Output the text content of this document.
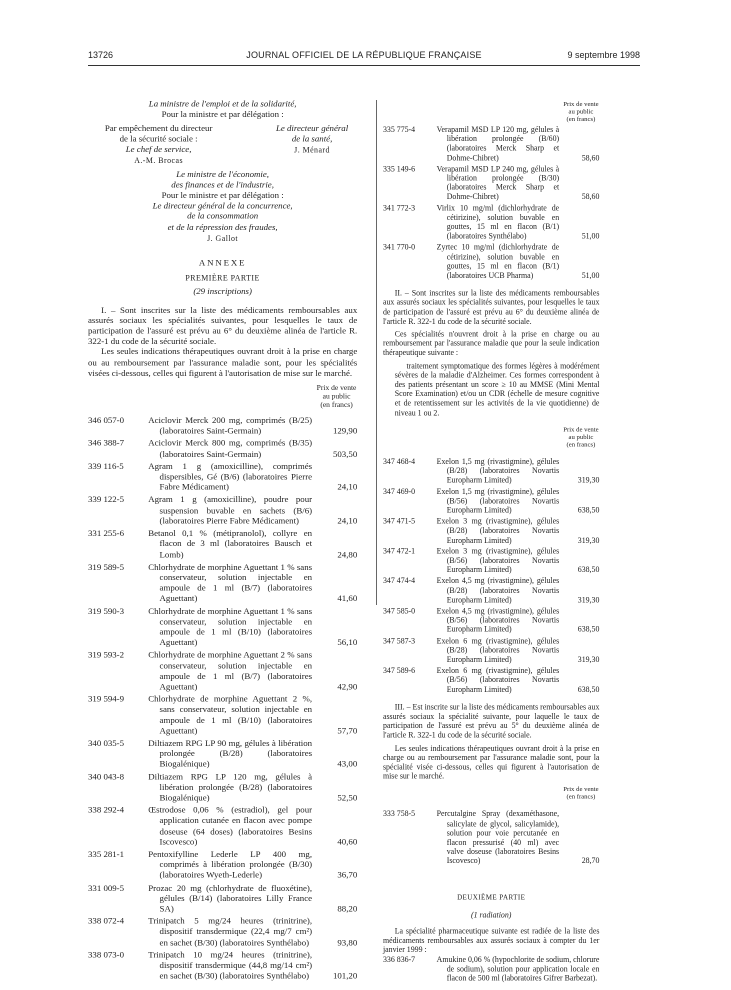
13726	JOURNAL OFFICIEL DE LA RÉPUBLIQUE FRANÇAISE	9 septembre 1998
La ministre de l'emploi et de la solidarité,
Pour la ministre et par délégation :
Par empêchement du directeur
de la sécurité sociale :
Le chef de service,
Le directeur général
de la santé,
J. Ménard
A.-M. Brocas
Le ministre de l'économie,
des finances et de l'industrie,
Pour le ministre et par délégation :
Le directeur général de la concurrence,
de la consommation
et de la répression des fraudes,
J. Gallot
ANNEXE
PREMIÈRE PARTIE
(29 inscriptions)

I. – Sont inscrites sur la liste des médicaments remboursables aux assurés sociaux les spécialités suivantes, pour lesquelles le taux de participation de l'assuré est prévu au 6° du deuxième alinéa de l'article R. 322-1 du code de la sécurité sociale.

Les seules indications thérapeutiques ouvrant droit à la prise en charge ou au remboursement par l'assurance maladie sont, pour les spécialités visées ci-dessous, celles qui figurent à l'autorisation de mise sur le marché.

Prix de vente
au public
(en francs)
346 057-0	Aciclovir Merck 200 mg, comprimés (B/25) (laboratoires Saint-Germain)	129,90
346 388-7	Aciclovir Merck 800 mg, comprimés (B/35) (laboratoires Saint-Germain)	503,50
339 116-5	Agram 1 g (amoxicilline), comprimés dispersibles, Gé (B/6) (laboratoires Pierre Fabre Médicament)	24,10
339 122-5	Agram 1 g (amoxicilline), poudre pour suspension buvable en sachets (B/6) (laboratoires Pierre Fabre Médicament)	24,10
331 255-6	Betanol 0,1 % (métipranolol), collyre en flacon de 3 ml (laboratoires Bausch et Lomb)	24,80
319 589-5	Chlorhydrate de morphine Aguettant 1 % sans conservateur, solution injectable en ampoule de 1 ml (B/7) (laboratoires Aguettant)	41,60
319 590-3	Chlorhydrate de morphine Aguettant 1 % sans conservateur, solution injectable en ampoule de 1 ml (B/10) (laboratoires Aguettant)	56,10
319 593-2	Chlorhydrate de morphine Aguettant 2 % sans conservateur, solution injectable en ampoule de 1 ml (B/7) (laboratoires Aguettant)	42,90
319 594-9	Chlorhydrate de morphine Aguettant 2 %, sans conservateur, solution injectable en ampoule de 1 ml (B/10) (laboratoires Aguettant)	57,70
340 035-5	Diltiazem RPG LP 90 mg, gélules à libération prolongée (B/28) (laboratoires Biogalénique)	43,00
340 043-8	Diltiazem RPG LP 120 mg, gélules à libération prolongée (B/28) (laboratoires Biogalénique)	52,50
338 292-4	Œstrodose 0,06 % (estradiol), gel pour application cutanée en flacon avec pompe doseuse (64 doses) (laboratoires Besins Iscovesco)	40,60
335 281-1	Pentoxifylline Lederle LP 400 mg, comprimés à libération prolongée (B/30) (laboratoires Wyeth-Lederle)	36,70
331 009-5	Prozac 20 mg (chlorhydrate de fluoxétine), gélules (B/14) (laboratoires Lilly France SA)	88,20
338 072-4	Trinipatch 5 mg/24 heures (trinitrine), dispositif transdermique (22,4 mg/7 cm²) en sachet (B/30) (laboratoires Synthélabo)	93,80
338 073-0	Trinipatch 10 mg/24 heures (trinitrine), dispositif transdermique (44,8 mg/14 cm²) en sachet (B/30) (laboratoires Synthélabo)	101,20
Prix de vente
au public
(en francs)
335 775-4 Verapamil MSD LP 120 mg, gélules à libération prolongée (B/60) (laboratoires Merck Sharp et Dohme-Chibret)	58,60
335 149-6 Verapamil MSD LP 240 mg, gélules à libération prolongée (B/30) (laboratoires Merck Sharp et Dohme-Chibret)	58,60
341 772-3 Virlix 10 mg/ml (dichlorhydrate de cétirizine), solution buvable en gouttes, 15 ml en flacon (B/1) (laboratoires Synthélabo)	51,00
341 770-0 Zyrtec 10 mg/ml (dichlorhydrate de cétirizine), solution buvable en gouttes, 15 ml en flacon (B/1) (laboratoires UCB Pharma)	51,00

II. – Sont inscrites sur la liste des médicaments remboursables aux assurés sociaux les spécialités suivantes, pour lesquelles le taux de participation de l'assuré est prévu au 6° du deuxième alinéa de l'article R. 322-1 du code de la sécurité sociale.

Ces spécialités n'ouvrent droit à la prise en charge ou au remboursement par l'assurance maladie que pour la seule indication thérapeutique suivante :

traitement symptomatique des formes légères à modérément sévères de la maladie d'Alzheimer. Ces formes correspondent à des patients présentant un score ≥ 10 au MMSE (Mini Mental Score Examination) et/ou un CDR (échelle de mesure cognitive et de retentissement sur les activités de la vie quotidienne) de niveau 1 ou 2.

Prix de vente
au public
(en francs)
347 468-4 Exelon 1,5 mg (rivastigmine), gélules (B/28) (laboratoires Novartis Europharm Limited)	319,30
347 469-0 Exelon 1,5 mg (rivastigmine), gélules (B/56) (laboratoires Novartis Europharm Limited)	638,50
347 471-5 Exelon 3 mg (rivastigmine), gélules (B/28) (laboratoires Novartis Europharm Limited)	319,30
347 472-1 Exelon 3 mg (rivastigmine), gélules (B/56) (laboratoires Novartis Europharm Limited)	638,50
347 474-4 Exelon 4,5 mg (rivastigmine), gélules (B/28) (laboratoires Novartis Europharm Limited)	319,30
347 585-0 Exelon 4,5 mg (rivastigmine), gélules (B/56) (laboratoires Novartis Europharm Limited)	638,50
347 587-3 Exelon 6 mg (rivastigmine), gélules (B/28) (laboratoires Novartis Europharm Limited)	319,30
347 589-6 Exelon 6 mg (rivastigmine), gélules (B/56) (laboratoires Novartis Europharm Limited)	638,50

III. – Est inscrite sur la liste des médicaments remboursables aux assurés sociaux la spécialité suivante, pour laquelle le taux de participation de l'assuré est prévu au 5° du deuxième alinéa de l'article R. 322-1 du code de la sécurité sociale.

Les seules indications thérapeutiques ouvrant droit à la prise en charge ou au remboursement par l'assurance maladie sont, pour la spécialité visée ci-dessous, celles qui figurent à l'autorisation de mise sur le marché.

Prix de vente
(en francs)
333 758-5 Percutalgine Spray (dexaméthasone, salicylate de glycol, salicylamide), solution pour voie percutanée en flacon pressurisé (40 ml) avec valve doseuse (laboratoires Besins Iscovesco)	28,70
DEUXIÈME PARTIE
(1 radiation)

La spécialité pharmaceutique suivante est radiée de la liste des médicaments remboursables aux assurés sociaux à compter du 1er janvier 1999 :

336 836-7 Amukine 0,06 % (hypochlorite de sodium, chlorure de sodium), solution pour application locale en flacon de 500 ml (laboratoires Gifrer Barbezat).
